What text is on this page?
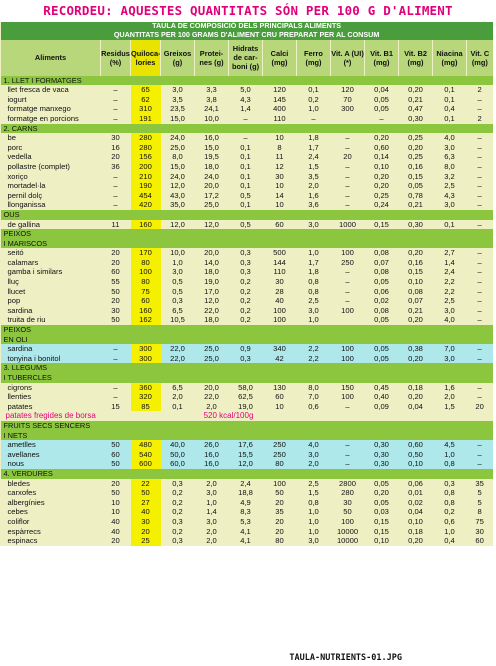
RECORDEU: AQUESTES QUANTITATS SÓN PER 100 G D'ALIMENT
TAULA DE COMPOSICIÓ DELS PRINCIPALS ALIMENTS												
QUANTITATS PER 100 GRAMS D'ALIMENT CRU PREPARAT PER AL CONSUM												
Aliments	Residus (%)	Quiloca-lories	Greixos (g)	Protei-nes (g)	Hidrats de car-boni (g)	Calci (mg)	Ferro (mg)	Vit. A (UI)(*)	Vit. B1 (mg)	Vit. B2 (mg)	Niacina (mg)	Vit. C (mg)
1. LLET I FORMATGES												
llet fresca de vaca	–	65	3,0	3,3	5,0	120	0,1	120	0,04	0,20	0,1	2
iogurt	–	62	3,5	3,8	4,3	145	0,2	70	0,05	0,21	0,1	–
formatge manxego	–	310	23,5	24,1	1,4	400	1,0	300	0,05	0,47	0,4	–
formatge en porcions	–	191	15,0	10,0	–	110	–		–	0,30	0,1	2
2. CARNS												
be	30	280	24,0	16,0	–	10	1,8	–	0,20	0,25	4,0	–
porc	16	280	25,0	15,0	0,1	8	1,7	–	0,60	0,20	3,0	–
vedella	20	156	8,0	19,5	0,1	11	2,4	20	0,14	0,25	6,3	–
pollastre (complet)	36	200	15,0	18,0	0,1	12	1,5	–	0,10	0,16	8,0	–
xoriço	–	210	24,0	24,0	0,1	30	3,5	–	0,20	0,15	3,2	–
mortadel·la	–	190	12,0	20,0	0,1	10	2,0	–	0,20	0,05	2,5	–
pernil dolç	–	454	43,0	17,2	0,5	14	1,6	–	0,25	0,78	4,3	–
llonganissa	–	420	35,0	25,0	0,1	10	3,6	–	0,24	0,21	3,0	–
OUS												
de gallina	11	160	12,0	12,0	0,5	60	3,0	1000	0,15	0,30	0,1	–
PEIXOS												
I MARISCOS												
seitó	20	170	10,0	20,0	0,3	500	1,0	100	0,08	0,20	2,7	–
calamars	20	80	1,0	14,0	0,3	144	1,7	250	0,07	0,16	1,4	–
gamba i similars	60	100	3,0	18,0	0,3	110	1,8	–	0,08	0,15	2,4	–
lluç	55	80	0,5	19,0	0,2	30	0,8	–	0,05	0,10	2,2	–
llucet	50	75	0,5	17,0	0,2	28	0,8	–	0,06	0,08	2,2	–
pop	20	60	0,3	12,0	0,2	40	2,5	–	0,02	0,07	2,5	–
sardina	30	160	6,5	22,0	0,2	100	3,0	100	0,08	0,21	3,0	–
truita de riu	50	162	10,5	18,0	0,2	100	1,0		0,05	0,20	4,0	–
PEIXOS												
EN OLI												
sardina	–	300	22,0	25,0	0,9	340	2,2	100	0,05	0,38	7,0	–
tonyina i bonitol	–	300	22,0	25,0	0,3	42	2,2	100	0,05	0,20	3,0	–
3. LLEGUMS												
I TUBERCLES												
cigrons	–	360	6,5	20,0	58,0	130	8,0	150	0,45	0,18	1,6	–
llenties	–	320	2,0	22,0	62,5	60	7,0	100	0,40	0,20	2,0	–
patates	15	85	0,1	2,0	19,0	10	0,6	–	0,09	0,04	1,5	20
patates fregides de borsa			520 kcal/100g									
FRUITS SECS SENCERS												
I NETS												
ametlles	50	480	40,0	26,0	17,6	250	4,0	–	0,30	0,60	4,5	–
avellanes	60	540	50,0	16,0	15,5	250	3,0	–	0,30	0,50	1,0	–
nous	50	600	60,0	16,0	12,0	80	2,0	–	0,30	0,10	0,8	–
4. VERDURES												
bledes	20	22	0,3	2,0	2,4	100	2,5	2800	0,05	0,06	0,3	35
carxofes	50	50	0,2	3,0	18,8	50	1,5	280	0,20	0,01	0,8	5
albergínies	10	27	0,2	1,0	4,9	20	0,8	30	0,05	0,02	0,8	5
cebes	10	40	0,2	1,4	8,3	35	1,0	50	0,03	0,04	0,2	8
coliflor	40	30	0,3	3,0	5,3	20	1,0	100	0,15	0,10	0,6	75
espàrrecs	40	20	0,2	2,0	4,1	20	1,0	10000	0,15	0,18	1,0	30
espinacs	20	25	0,3	2,0	4,1	80	3,0	10000	0,10	0,20	0,4	60
TAULA-NUTRIENTS-01.JPG
